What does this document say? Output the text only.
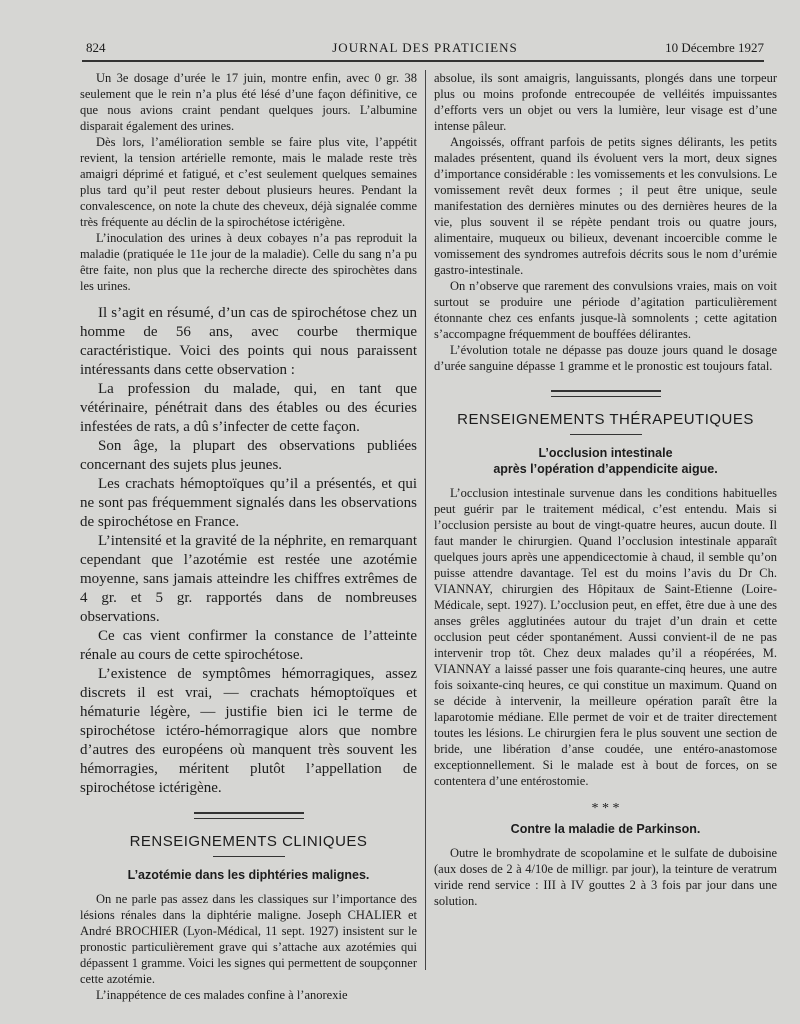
824	JOURNAL DES PRATICIENS	10 Décembre 1927

Un 3e dosage d’urée le 17 juin, montre enfin, avec 0 gr. 38 seulement que le rein n’a plus été lésé d’une façon définitive, ce que nous avions craint pendant quelques jours. L’albumine disparait également des urines.

Dès lors, l’amélioration semble se faire plus vite, l’appétit revient, la tension artérielle remonte, mais le malade reste très amaigri déprimé et fatigué, et c’est seulement quelques semaines plus tard qu’il peut rester debout plusieurs heures. Pendant la convalescence, on note la chute des cheveux, déjà signalée comme très fréquente au déclin de la spirochétose ictérigène.

L’inoculation des urines à deux cobayes n’a pas reproduit la maladie (pratiquée le 11e jour de la maladie). Celle du sang n’a pu être faite, non plus que la recherche directe des spirochètes dans les urines.

Il s’agit en résumé, d’un cas de spirochétose chez un homme de 56 ans, avec courbe thermique caractéristique. Voici des points qui nous paraissent intéressants dans cette observation :

La profession du malade, qui, en tant que vétérinaire, pénétrait dans des étables ou des écuries infestées de rats, a dû s’infecter de cette façon.

Son âge, la plupart des observations publiées concernant des sujets plus jeunes.

Les crachats hémoptoïques qu’il a présentés, et qui ne sont pas fréquemment signalés dans les observations de spirochétose en France.

L’intensité et la gravité de la néphrite, en remarquant cependant que l’azotémie est restée une azotémie moyenne, sans jamais atteindre les chiffres extrêmes de 4 gr. et 5 gr. rapportés dans de nombreuses observations.

Ce cas vient confirmer la constance de l’atteinte rénale au cours de cette spirochétose.

L’existence de symptômes hémorragiques, assez discrets il est vrai, — crachats hémoptoïques et hématurie légère, — justifie bien ici le terme de spirochétose ictéro-hémorragique alors que nombre d’autres des européens où manquent très souvent les hémorragies, méritent plutôt l’appellation de spirochétose ictérigène.

RENSEIGNEMENTS CLINIQUES
L’azotémie dans les diphtéries malignes.

On ne parle pas assez dans les classiques sur l’importance des lésions rénales dans la diphtérie maligne. Joseph CHALIER et André BROCHIER (Lyon-Médical, 11 sept. 1927) insistent sur le pronostic particulièrement grave qui s’attache aux azotémies qui dépassent 1 gramme. Voici les signes qui permettent de soupçonner cette azotémie.

L’inappétence de ces malades confine à l’anorexie

absolue, ils sont amaigris, languissants, plongés dans une torpeur plus ou moins profonde entrecoupée de velléités impuissantes d’efforts vers un objet ou vers la lumière, leur visage est d’une intense pâleur.

Angoissés, offrant parfois de petits signes délirants, les petits malades présentent, quand ils évoluent vers la mort, deux signes d’importance considérable : les vomissements et les convulsions. Le vomissement revêt deux formes ; il peut être unique, seule manifestation des dernières minutes ou des dernières heures de la vie, plus souvent il se répète pendant trois ou quatre jours, alimentaire, muqueux ou bilieux, devenant incoercible comme le vomissement des syndromes autrefois décrits sous le nom d’urémie gastro-intestinale.

On n’observe que rarement des convulsions vraies, mais on voit surtout se produire une période d’agitation particulièrement étonnante chez ces enfants jusque-là somnolents ; cette agitation s’accompagne fréquemment de bouffées délirantes.

L’évolution totale ne dépasse pas douze jours quand le dosage d’urée sanguine dépasse 1 gramme et le pronostic est toujours fatal.

RENSEIGNEMENTS THÉRAPEUTIQUES
L’occlusion intestinale
après l’opération d’appendicite aigue.

L’occlusion intestinale survenue dans les conditions habituelles peut guérir par le traitement médical, c’est entendu. Mais si l’occlusion persiste au bout de vingt-quatre heures, aucun doute. Il faut mander le chirurgien. Quand l’occlusion intestinale apparaît quelques jours après une appendicectomie à chaud, il semble qu’on puisse attendre davantage. Tel est du moins l’avis du Dr Ch. VIANNAY, chirurgien des Hôpitaux de Saint-Etienne (Loire-Médicale, sept. 1927). L’occlusion peut, en effet, être due à une des anses grêles agglutinées autour du trajet d’un drain et cette occlusion peut céder spontanément. Aussi convient-il de ne pas intervenir trop tôt. Chez deux malades qu’il a réopérées, M. VIANNAY a laissé passer une fois quarante-cinq heures, une autre fois soixante-cinq heures, ce qui constitue un maximum. Quand on se décide à intervenir, la meilleure opération paraît être la laparotomie médiane. Elle permet de voir et de traiter directement toutes les lésions. Le chirurgien fera le plus souvent une section de bride, une libération d’anse coudée, une entéro-anastomose exceptionnellement. Si le malade est à bout de forces, on se contentera d’une entérostomie.

* * *
Contre la maladie de Parkinson.

Outre le bromhydrate de scopolamine et le sulfate de duboisine (aux doses de 2 à 4/10e de milligr. par jour), la teinture de veratrum viride rend service : III à IV gouttes 2 à 3 fois par jour dans une solution.
